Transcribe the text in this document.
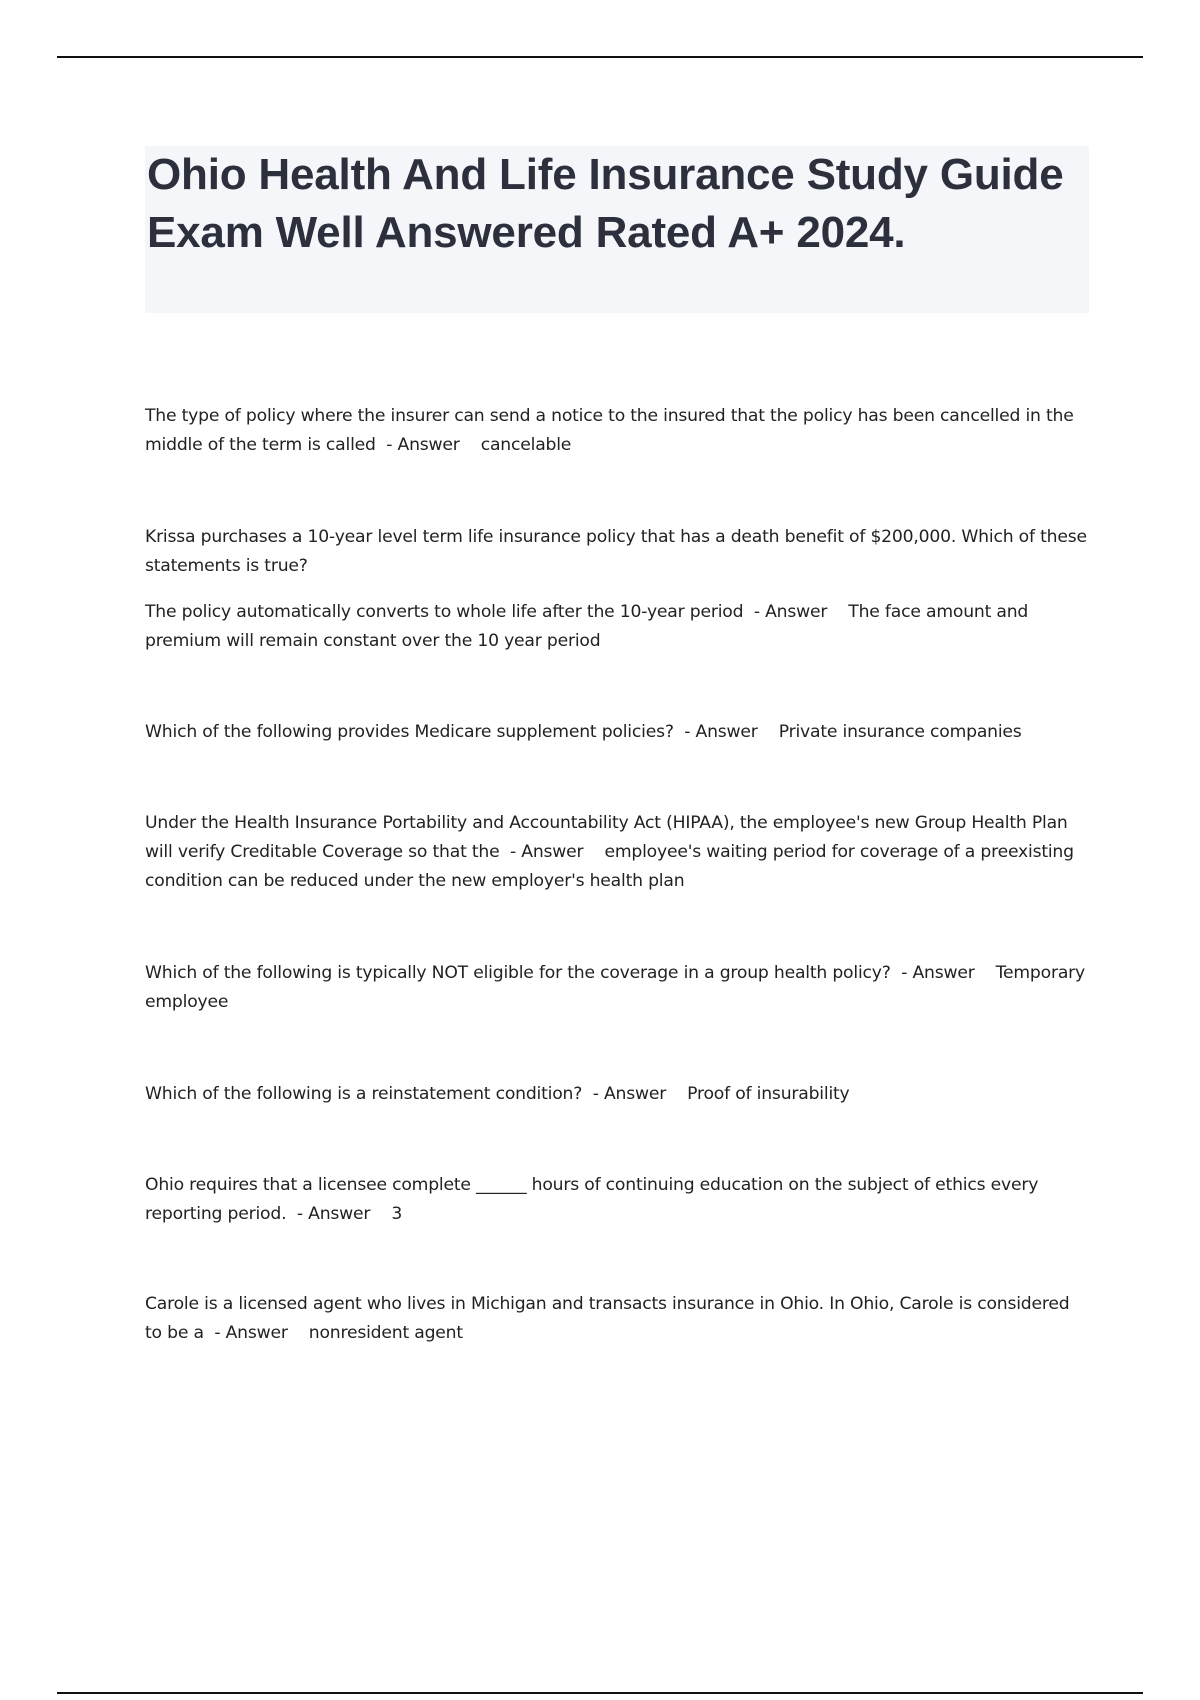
Ohio Health And Life Insurance Study Guide Exam Well Answered Rated A+ 2024.

The type of policy where the insurer can send a notice to the insured that the policy has been cancelled in the middle of the term is called  - Answer cancelable

Krissa purchases a 10-year level term life insurance policy that has a death benefit of $200,000. Which of these statements is true?

The policy automatically converts to whole life after the 10-year period  - Answer The face amount and premium will remain constant over the 10 year period

Which of the following provides Medicare supplement policies?  - Answer Private insurance companies

Under the Health Insurance Portability and Accountability Act (HIPAA), the employee's new Group Health Plan will verify Creditable Coverage so that the  - Answer employee's waiting period for coverage of a preexisting condition can be reduced under the new employer's health plan

Which of the following is typically NOT eligible for the coverage in a group health policy?  - Answer Temporary employee

Which of the following is a reinstatement condition?  - Answer Proof of insurability

Ohio requires that a licensee complete ______ hours of continuing education on the subject of ethics every reporting period.  - Answer 3

Carole is a licensed agent who lives in Michigan and transacts insurance in Ohio. In Ohio, Carole is considered to be a  - Answer nonresident agent
